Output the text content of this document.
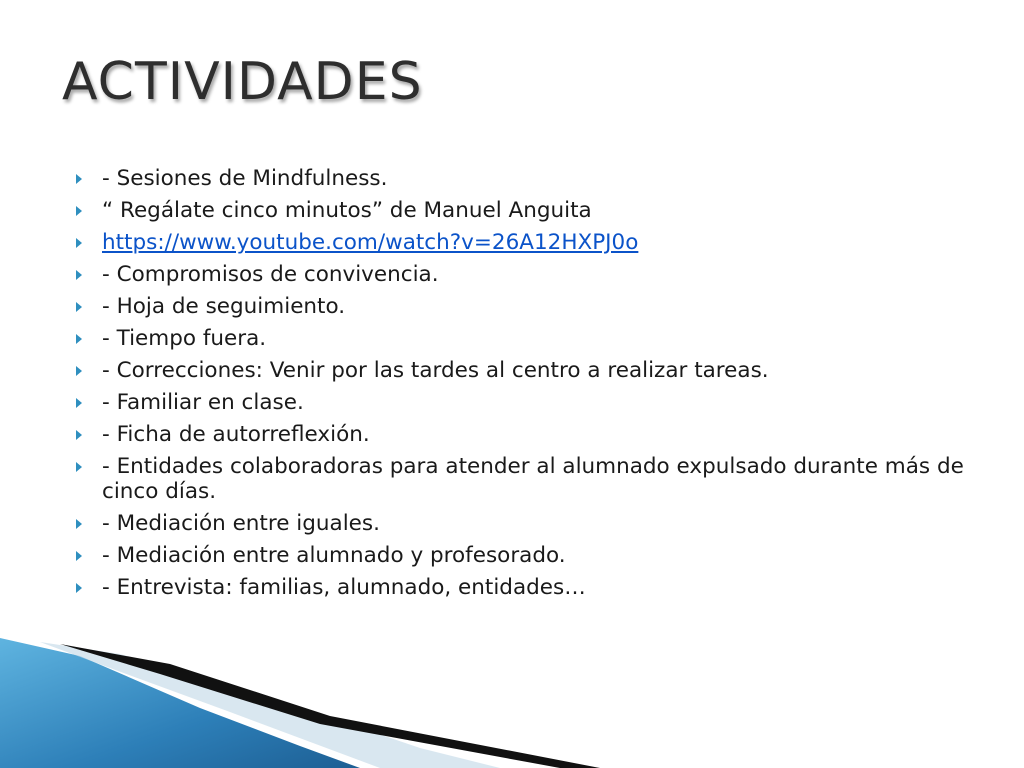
ACTIVIDADES
- Sesiones de Mindfulness.
“ Regálate cinco minutos” de Manuel Anguita
https://www.youtube.com/watch?v=26A12HXPJ0o
- Compromisos de convivencia.
- Hoja de seguimiento.
- Tiempo fuera.
- Correcciones: Venir por las tardes al centro a realizar tareas.
- Familiar en clase.
- Ficha de autorreflexión.
- Entidades colaboradoras para atender al alumnado expulsado durante más de cinco días.
- Mediación entre iguales.
- Mediación entre alumnado y profesorado.
- Entrevista: familias, alumnado, entidades…
